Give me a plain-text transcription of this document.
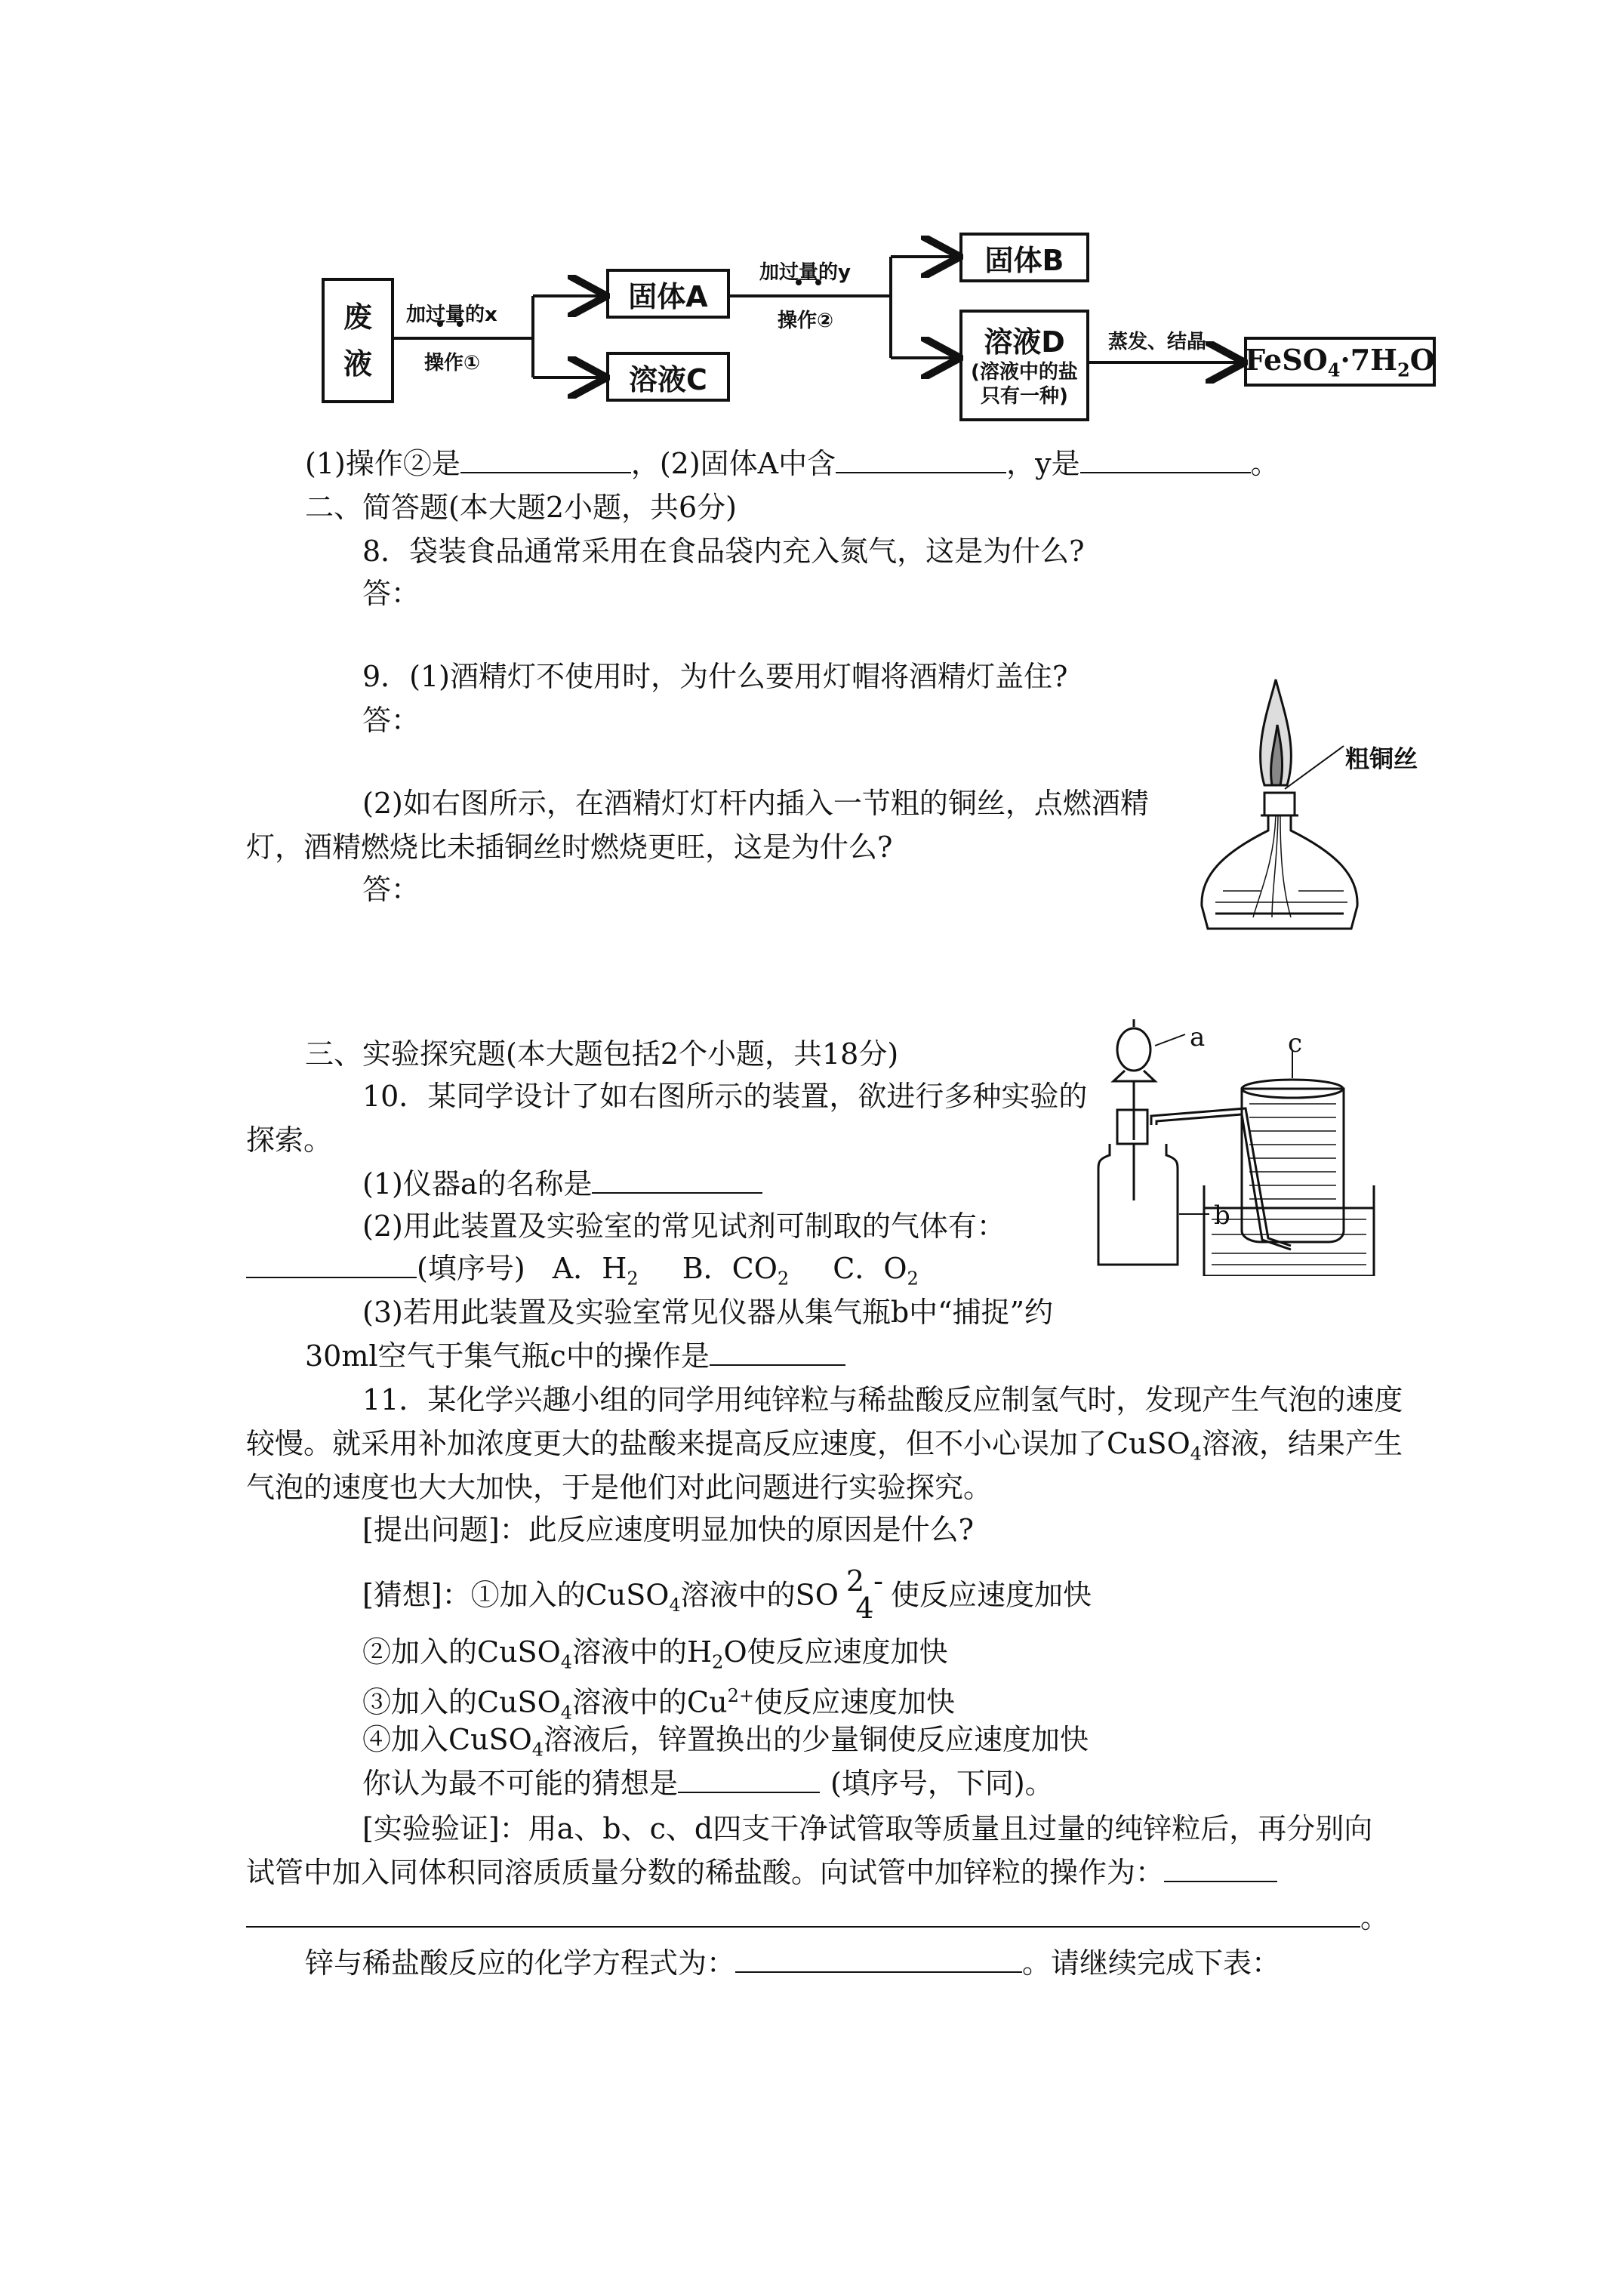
废
液
固体A
溶液C
固体B
溶液D
(溶液中的盐
只有一种)
$FeSO_4\cdot 7H_2O$
加过量的x
操作①
加过量的y
操作②
蒸发、结晶
(1)操作②是	，(2)固体A中含	，y是	。
二、简答题(本大题2小题，共6分)
8．袋装食品通常采用在食品袋内充入氮气，这是为什么?
答：
9．(1)酒精灯不使用时，为什么要用灯帽将酒精灯盖住?
答：
(2)如右图所示，在酒精灯灯杆内插入一节粗的铜丝，点燃酒精
灯，酒精燃烧比未插铜丝时燃烧更旺，这是为什么?
答：
粗铜丝
三、实验探究题(本大题包括2个小题，共18分)
10．某同学设计了如右图所示的装置，欲进行多种实验的
探索。
(1)仪器a的名称是
(2)用此装置及实验室的常见试剂可制取的气体有：
(填序号) A．$H_2$ B．$CO_2$ C．$O_2$
(3)若用此装置及实验室常见仪器从集气瓶b中“捕捉”约
30ml空气于集气瓶c中的操作是
a	c
b
11．某化学兴趣小组的同学用纯锌粒与稀盐酸反应制氢气时，发现产生气泡的速度
较慢。就采用补加浓度更大的盐酸来提高反应速度，但不小心误加了CuSO$_4$溶液，结果产生
气泡的速度也大大加快，于是他们对此问题进行实验探究。
[提出问题]：此反应速度明显加快的原因是什么?
[猜想]：①加入的CuSO$_4$溶液中的SO 2 -
4 使反应速度加快
②加入的CuSO$_4$溶液中的$H_2O$使反应速度加快
③加入的CuSO$_4$溶液中的$Cu^{2+}$使反应速度加快
④加入CuSO$_4$溶液后，锌置换出的少量铜使反应速度加快
你认为最不可能的猜想是	(填序号，下同)。
[实验验证]：用a、b、c、d四支干净试管取等质量且过量的纯锌粒后，再分别向
试管中加入同体积同溶质质量分数的稀盐酸。向试管中加锌粒的操作为：
。
锌与稀盐酸反应的化学方程式为：	。请继续完成下表：
